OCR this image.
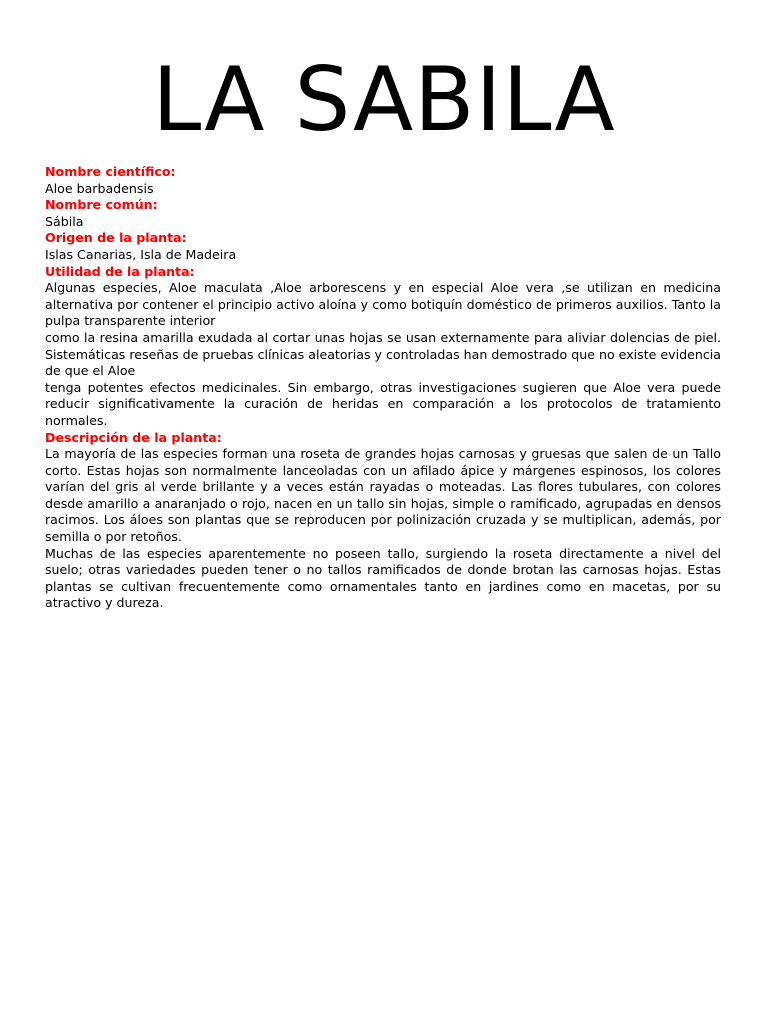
LA SABILA

Nombre científico:

Aloe barbadensis

Nombre común:

Sábila

Origen de la planta:

Islas Canarias, Isla de Madeira

Utilidad de la planta:

Algunas especies, Aloe maculata ,Aloe arborescens y en especial Aloe vera ,se utilizan en medicina alternativa por contener el principio activo aloína y como botiquín doméstico de primeros auxilios. Tanto la pulpa transparente interior

como la resina amarilla exudada al cortar unas hojas se usan externamente para aliviar dolencias de piel. Sistemáticas reseñas de pruebas clínicas aleatorias y controladas han demostrado que no existe evidencia de que el Aloe

tenga potentes efectos medicinales. Sin embargo, otras investigaciones sugieren que Aloe vera puede reducir significativamente la curación de heridas en comparación a los protocolos de tratamiento normales.

Descripción de la planta:

La mayoría de las especies forman una roseta de grandes hojas carnosas y gruesas que salen de un Tallo corto. Estas hojas son normalmente lanceoladas con un afilado ápice y márgenes espinosos, los colores varían del gris al verde brillante y a veces están rayadas o moteadas. Las flores tubulares, con colores desde amarillo a anaranjado o rojo, nacen en un tallo sin hojas, simple o ramificado, agrupadas en densos racimos. Los áloes son plantas que se reproducen por polinización cruzada y se multiplican, además, por semilla o por retoños.

Muchas de las especies aparentemente no poseen tallo, surgiendo la roseta directamente a nivel del suelo; otras variedades pueden tener o no tallos ramificados de donde brotan las carnosas hojas. Estas plantas se cultivan frecuentemente como ornamentales tanto en jardines como en macetas, por su atractivo y dureza.
